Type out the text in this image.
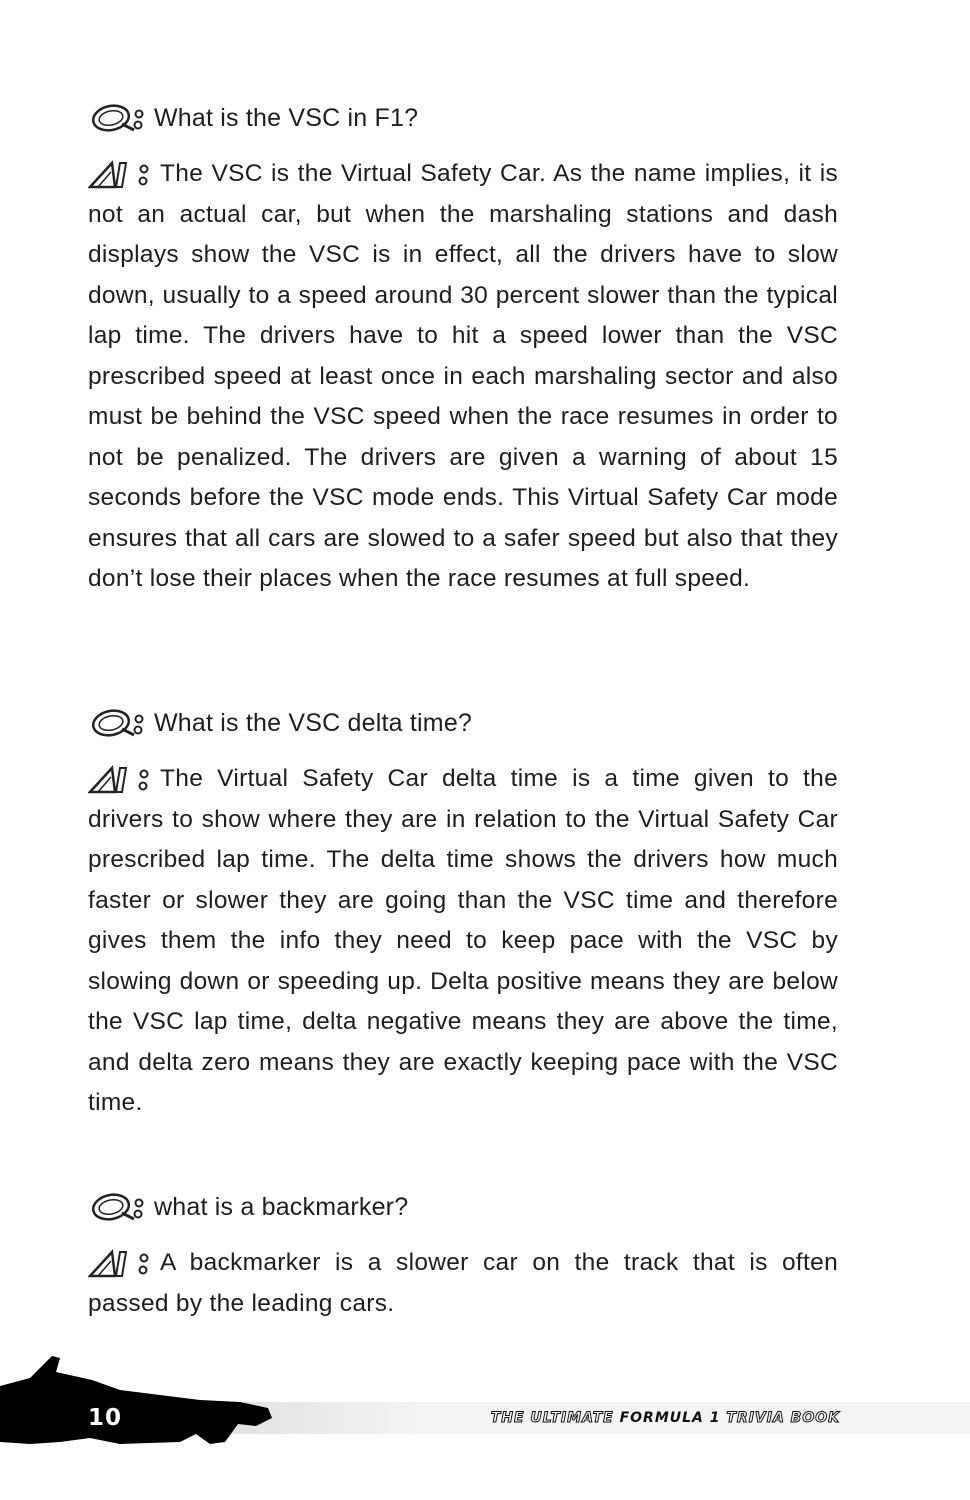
What is the VSC in F1?
The VSC is the Virtual Safety Car. As the name implies, it is not an actual car, but when the marshaling stations and dash displays show the VSC is in effect, all the drivers have to slow down, usually to a speed around 30 percent slower than the typical lap time. The drivers have to hit a speed lower than the VSC prescribed speed at least once in each marshaling sector and also must be behind the VSC speed when the race resumes in order to not be penalized. The drivers are given a warning of about 15 seconds before the VSC mode ends. This Virtual Safety Car mode ensures that all cars are slowed to a safer speed but also that they don’t lose their places when the race resumes at full speed.
What is the VSC delta time?
The Virtual Safety Car delta time is a time given to the drivers to show where they are in relation to the Virtual Safety Car prescribed lap time. The delta time shows the drivers how much faster or slower they are going than the VSC time and therefore gives them the info they need to keep pace with the VSC by slowing down or speeding up. Delta positive means they are below the VSC lap time, delta negative means they are above the time, and delta zero means they are exactly keeping pace with the VSC time.
what is a backmarker?
A backmarker is a slower car on the track that is often passed by the leading cars.
10	THE ULTIMATE FORMULA 1 TRIVIA BOOK
